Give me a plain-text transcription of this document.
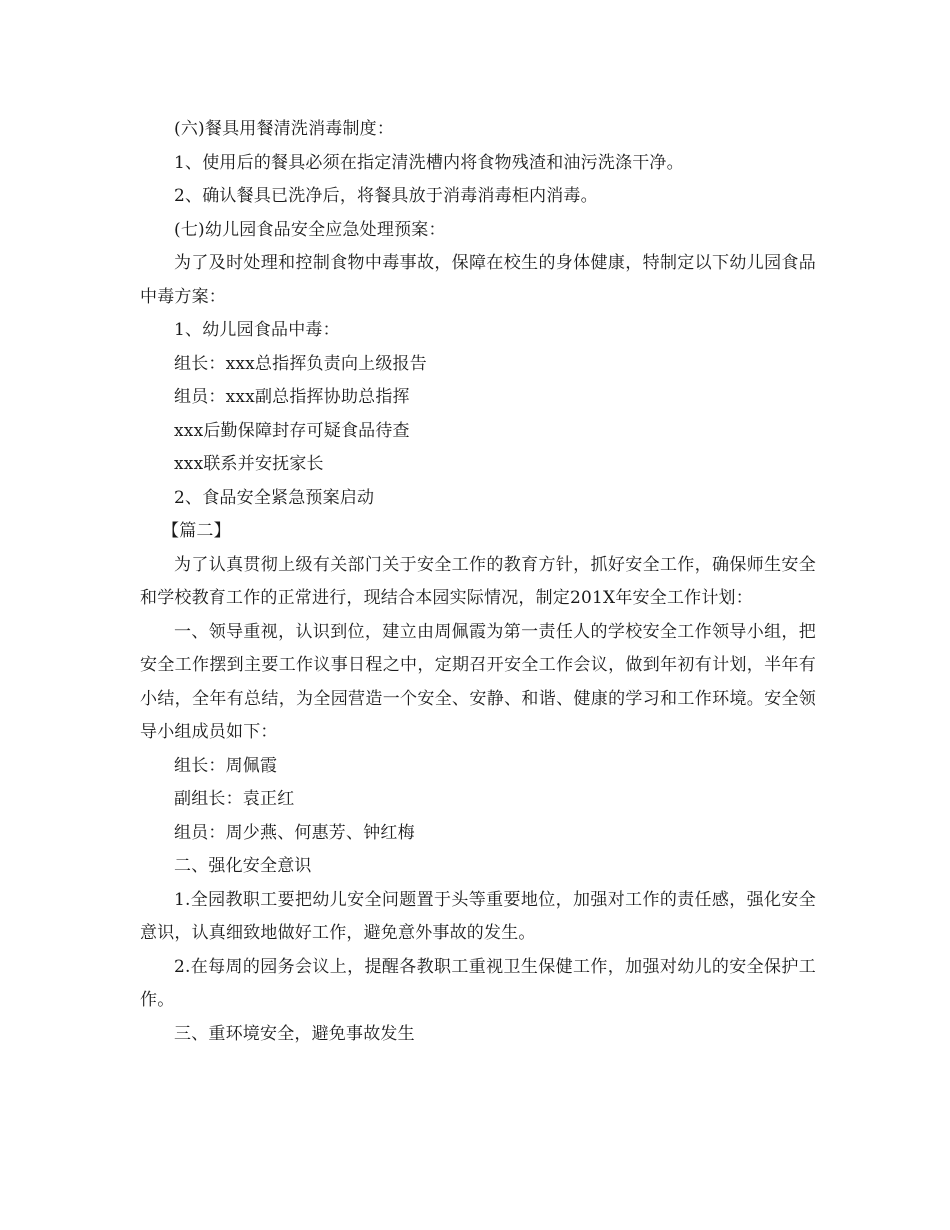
(六)餐具用餐清洗消毒制度：

1、使用后的餐具必须在指定清洗槽内将食物残渣和油污洗涤干净。

2、确认餐具已洗净后，将餐具放于消毒消毒柜内消毒。

(七)幼儿园食品安全应急处理预案：

为了及时处理和控制食物中毒事故，保障在校生的身体健康，特制定以下幼儿园食品中毒方案：

1、幼儿园食品中毒：

组长：xxx总指挥负责向上级报告

组员：xxx副总指挥协助总指挥

xxx后勤保障封存可疑食品待查

xxx联系并安抚家长

2、食品安全紧急预案启动

【篇二】

为了认真贯彻上级有关部门关于安全工作的教育方针，抓好安全工作，确保师生安全和学校教育工作的正常进行，现结合本园实际情况，制定201X年安全工作计划：

一、领导重视，认识到位，建立由周佩霞为第一责任人的学校安全工作领导小组，把安全工作摆到主要工作议事日程之中，定期召开安全工作会议，做到年初有计划，半年有小结，全年有总结，为全园营造一个安全、安静、和谐、健康的学习和工作环境。安全领导小组成员如下：

组长：周佩霞

副组长：袁正红

组员：周少燕、何惠芳、钟红梅

二、强化安全意识

1.全园教职工要把幼儿安全问题置于头等重要地位，加强对工作的责任感，强化安全意识，认真细致地做好工作，避免意外事故的发生。

2.在每周的园务会议上，提醒各教职工重视卫生保健工作，加强对幼儿的安全保护工作。

三、重环境安全，避免事故发生
